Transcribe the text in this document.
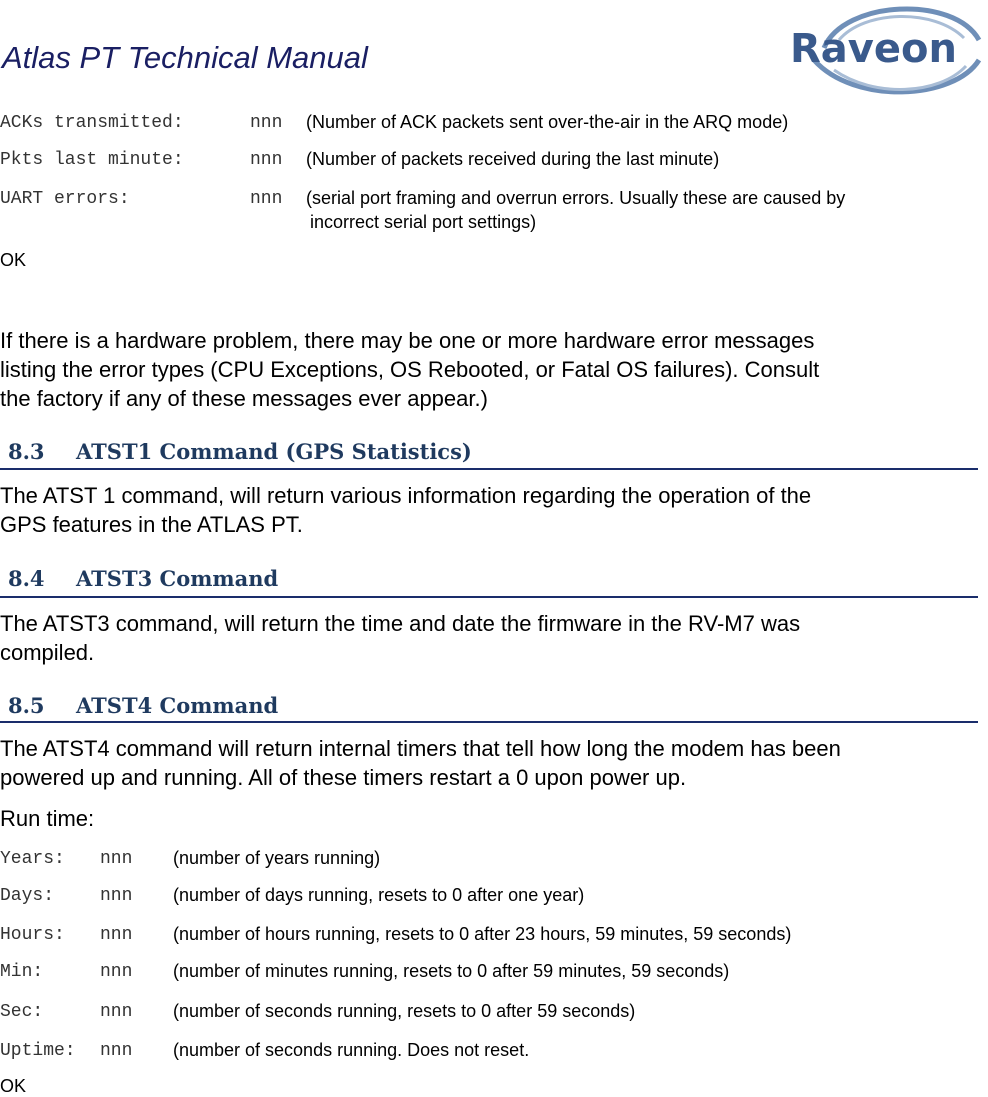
Atlas PT Technical Manual	Raveon
ACKs transmitted:	nnn (Number of ACK packets sent over-the-air in the ARQ mode)
Pkts last minute:	nnn (Number of packets received during the last minute)
UART errors:	nnn (serial port framing and overrun errors. Usually these are caused by
incorrect serial port settings)
OK
If there is a hardware problem, there may be one or more hardware error messages
listing the error types (CPU Exceptions, OS Rebooted, or Fatal OS failures). Consult
the factory if any of these messages ever appear.)
8.3 ATST1 Command (GPS Statistics)
The ATST 1 command, will return various information regarding the operation of the
GPS features in the ATLAS PT.
8.4 ATST3 Command
The ATST3 command, will return the time and date the firmware in the RV-M7 was
compiled.
8.5 ATST4 Command
The ATST4 command will return internal timers that tell how long the modem has been
powered up and running. All of these timers restart a 0 upon power up.
Run time:
Years: nnn (number of years running)
Days:	nnn (number of days running, resets to 0 after one year)
Hours: nnn (number of hours running, resets to 0 after 23 hours, 59 minutes, 59 seconds)
Min:	nnn (number of minutes running, resets to 0 after 59 minutes, 59 seconds)
Sec:	nnn (number of seconds running, resets to 0 after 59 seconds)
Uptime: nnn (number of seconds running. Does not reset.
OK
